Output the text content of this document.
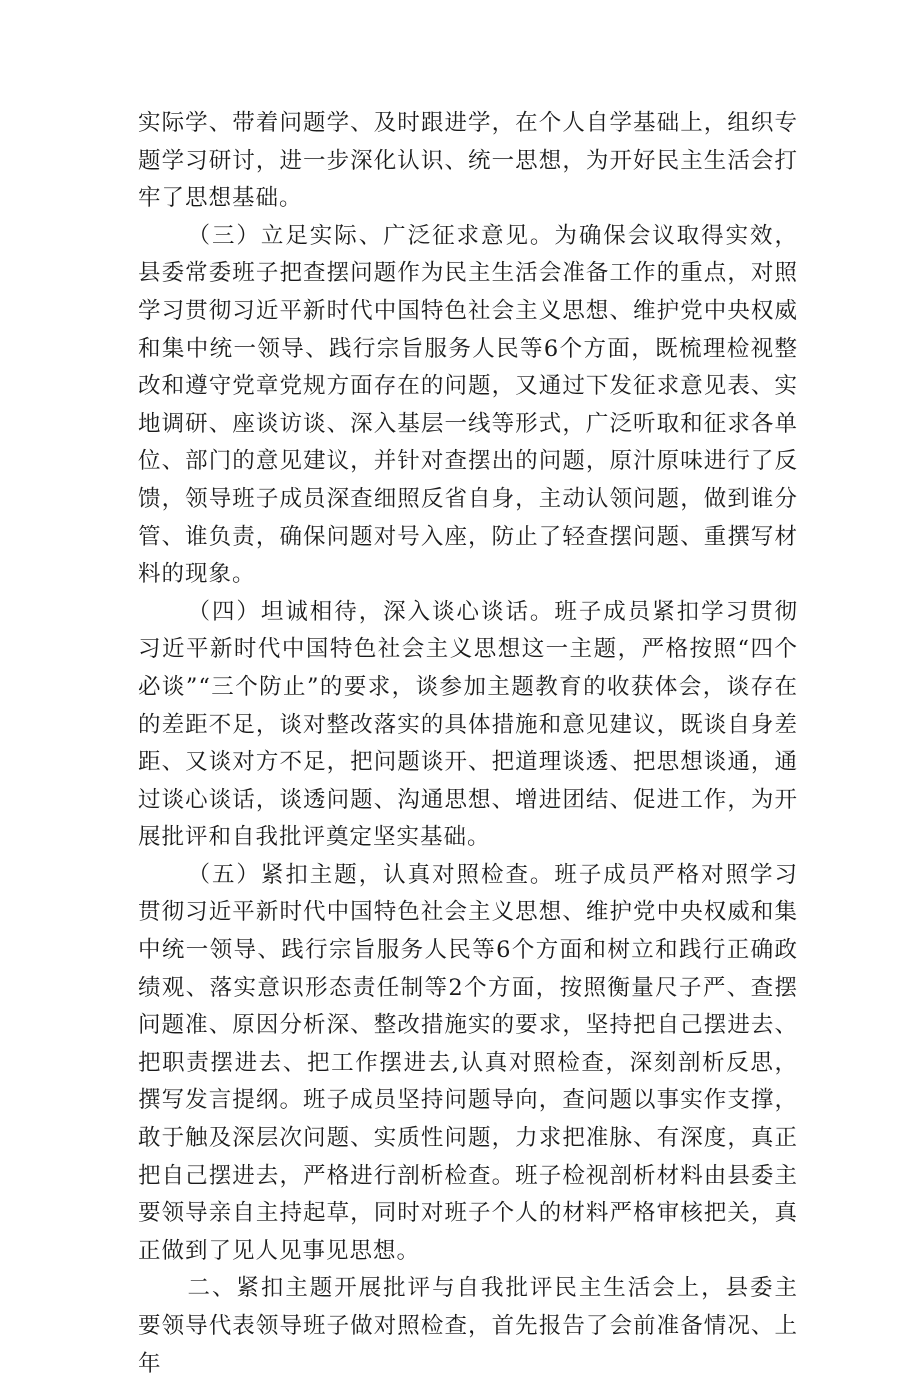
实际学、带着问题学、及时跟进学，在个人自学基础上，组织专题学习研讨，进一步深化认识、统一思想，为开好民主生活会打牢了思想基础。

（三）立足实际、广泛征求意见。为确保会议取得实效，县委常委班子把查摆问题作为民主生活会准备工作的重点，对照学习贯彻习近平新时代中国特色社会主义思想、维护党中央权威和集中统一领导、践行宗旨服务人民等6个方面，既梳理检视整改和遵守党章党规方面存在的问题，又通过下发征求意见表、实地调研、座谈访谈、深入基层一线等形式，广泛听取和征求各单位、部门的意见建议，并针对查摆出的问题，原汁原味进行了反馈，领导班子成员深查细照反省自身，主动认领问题，做到谁分管、谁负责，确保问题对号入座，防止了轻查摆问题、重撰写材料的现象。

（四）坦诚相待，深入谈心谈话。班子成员紧扣学习贯彻习近平新时代中国特色社会主义思想这一主题，严格按照“四个必谈”“三个防止”的要求，谈参加主题教育的收获体会，谈存在的差距不足，谈对整改落实的具体措施和意见建议，既谈自身差距、又谈对方不足，把问题谈开、把道理谈透、把思想谈通，通过谈心谈话，谈透问题、沟通思想、增进团结、促进工作，为开展批评和自我批评奠定坚实基础。

（五）紧扣主题，认真对照检查。班子成员严格对照学习贯彻习近平新时代中国特色社会主义思想、维护党中央权威和集中统一领导、践行宗旨服务人民等6个方面和树立和践行正确政绩观、落实意识形态责任制等2个方面，按照衡量尺子严、查摆问题准、原因分析深、整改措施实的要求，坚持把自己摆进去、把职责摆进去、把工作摆进去,认真对照检查，深刻剖析反思，撰写发言提纲。班子成员坚持问题导向，查问题以事实作支撑，敢于触及深层次问题、实质性问题，力求把准脉、有深度，真正把自己摆进去，严格进行剖析检查。班子检视剖析材料由县委主要领导亲自主持起草，同时对班子个人的材料严格审核把关，真正做到了见人见事见思想。

二、紧扣主题开展批评与自我批评民主生活会上，县委主要领导代表领导班子做对照检查，首先报告了会前准备情况、上年
